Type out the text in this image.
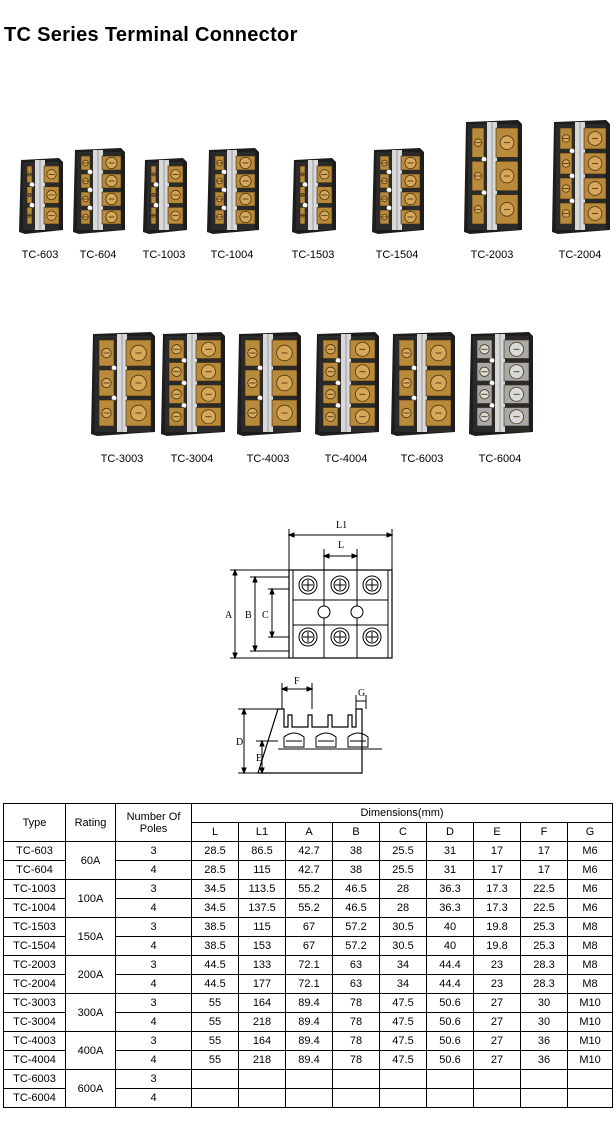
TC Series Terminal Connector
TC-603	TC-604	TC-1003	TC-1004	TC-1503	TC-1504	TC-2003	TC-2004
TC-3003	TC-3004	TC-4003	TC-4004	TC-6003	TC-6004
L1
L
A B C
F
G
D
E
Type	Rating	Number Of Poles	Dimensions(mm)								
			L	L1	A	B	C	D	E	F	G
TC-603	60A	3	28.5	86.5	42.7	38	25.5	31	17	17	M6
TC-604		4	28.5	115	42.7	38	25.5	31	17	17	M6
TC-1003	100A	3	34.5	113.5	55.2	46.5	28	36.3	17.3	22.5	M6
TC-1004		4	34.5	137.5	55.2	46.5	28	36.3	17.3	22.5	M6
TC-1503	150A	3	38.5	115	67	57.2	30.5	40	19.8	25.3	M8
TC-1504		4	38.5	153	67	57.2	30.5	40	19.8	25.3	M8
TC-2003	200A	3	44.5	133	72.1	63	34	44.4	23	28.3	M8
TC-2004		4	44.5	177	72.1	63	34	44.4	23	28.3	M8
TC-3003	300A	3	55	164	89.4	78	47.5	50.6	27	30	M10
TC-3004		4	55	218	89.4	78	47.5	50.6	27	30	M10
TC-4003	400A	3	55	164	89.4	78	47.5	50.6	27	36	M10
TC-4004		4	55	218	89.4	78	47.5	50.6	27	36	M10
TC-6003	600A	3									
TC-6004		4									
